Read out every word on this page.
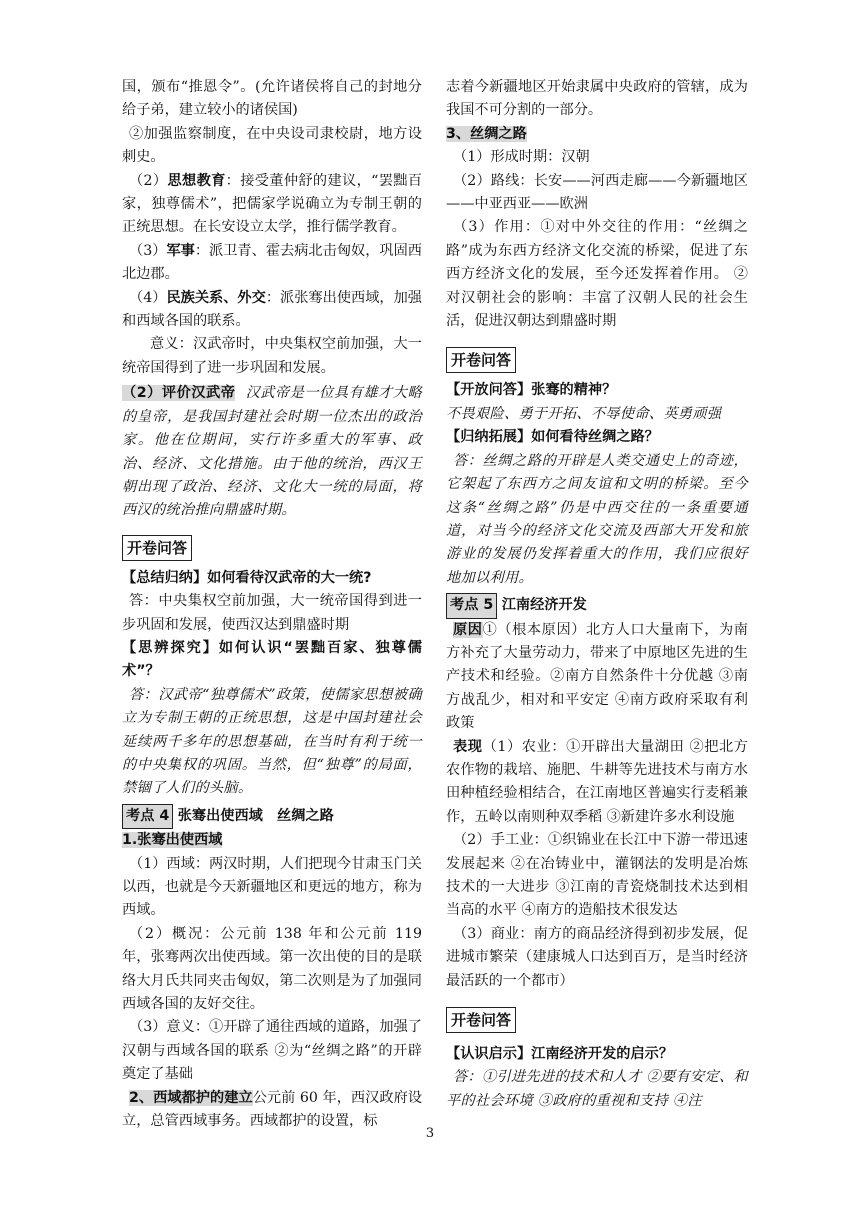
国，颁布“推恩令”。(允许诸侯将自己的封地分给子弟，建立较小的诸侯国)

②加强监察制度，在中央设司隶校尉，地方设刺史。

（2）思想教育：接受董仲舒的建议，“罢黜百家，独尊儒术”，把儒家学说确立为专制王朝的正统思想。在长安设立太学，推行儒学教育。

（3）军事：派卫青、霍去病北击匈奴，巩固西北边郡。

（4）民族关系、外交：派张骞出使西域，加强和西域各国的联系。

意义：汉武帝时，中央集权空前加强，大一统帝国得到了进一步巩固和发展。

（2）评价汉武帝 汉武帝是一位具有雄才大略的皇帝，是我国封建社会时期一位杰出的政治家。他在位期间，实行许多重大的军事、政治、经济、文化措施。由于他的统治，西汉王朝出现了政治、经济、文化大一统的局面，将西汉的统治推向鼎盛时期。

开卷问答

【总结归纳】如何看待汉武帝的大一统?

答：中央集权空前加强，大一统帝国得到进一步巩固和发展，使西汉达到鼎盛时期

【思辨探究】如何认识“罢黜百家、独尊儒术”？

答：汉武帝“独尊儒术”政策，使儒家思想被确立为专制王朝的正统思想，这是中国封建社会延续两千多年的思想基础，在当时有利于统一的中央集权的巩固。当然，但“独尊”的局面，禁锢了人们的头脑。

考点 4 张骞出使西域　丝绸之路

1.张骞出使西域

（1）西域：两汉时期，人们把现今甘肃玉门关以西，也就是今天新疆地区和更远的地方，称为西域。

（2）概况：公元前 138 年和公元前 119 年，张骞两次出使西域。第一次出使的目的是联络大月氏共同夹击匈奴，第二次则是为了加强同西域各国的友好交往。

（3）意义：①开辟了通往西域的道路，加强了汉朝与西域各国的联系 ②为“丝绸之路”的开辟奠定了基础

2、西域都护的建立公元前 60 年，西汉政府设立，总管西域事务。西域都护的设置，标

志着今新疆地区开始隶属中央政府的管辖，成为我国不可分割的一部分。

3、丝绸之路

（1）形成时期：汉朝

（2）路线：长安——河西走廊——今新疆地区——中亚西亚——欧洲

（3）作用：①对中外交往的作用：“丝绸之路”成为东西方经济文化交流的桥梁，促进了东西方经济文化的发展，至今还发挥着作用。 ②对汉朝社会的影响：丰富了汉朝人民的社会生活，促进汉朝达到鼎盛时期

开卷问答

【开放问答】张骞的精神？

不畏艰险、勇于开拓、不辱使命、英勇顽强

【归纳拓展】如何看待丝绸之路？

答：丝绸之路的开辟是人类交通史上的奇迹，它架起了东西方之间友谊和文明的桥梁。至今这条“丝绸之路”仍是中西交往的一条重要通道，对当今的经济文化交流及西部大开发和旅游业的发展仍发挥着重大的作用，我们应很好地加以利用。

考点 5 江南经济开发

原因①（根本原因）北方人口大量南下，为南方补充了大量劳动力，带来了中原地区先进的生产技术和经验。②南方自然条件十分优越 ③南方战乱少，相对和平安定 ④南方政府采取有利政策

表现（1）农业：①开辟出大量湖田 ②把北方农作物的栽培、施肥、牛耕等先进技术与南方水田种植经验相结合，在江南地区普遍实行麦稻兼作，五岭以南则种双季稻 ③新建许多水利设施

（2）手工业：①织锦业在长江中下游一带迅速发展起来 ②在冶铸业中，灌钢法的发明是冶炼技术的一大进步 ③江南的青瓷烧制技术达到相当高的水平 ④南方的造船技术很发达

（3）商业：南方的商品经济得到初步发展，促进城市繁荣（建康城人口达到百万，是当时经济最活跃的一个都市）

开卷问答

【认识启示】江南经济开发的启示？

答：①引进先进的技术和人才 ②要有安定、和平的社会环境 ③政府的重视和支持 ④注

3
